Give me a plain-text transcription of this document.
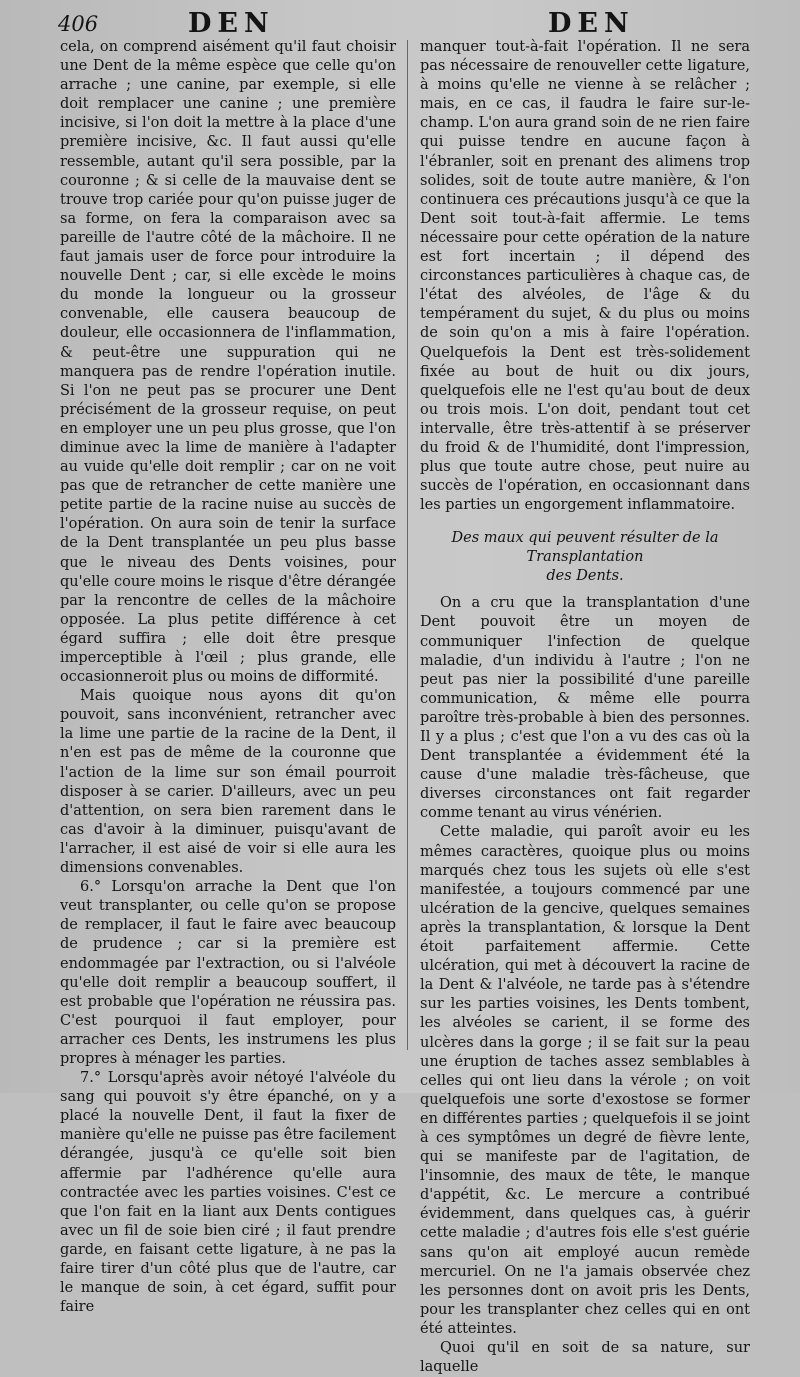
406	DEN	DEN

cela, on comprend aisément qu'il faut choisir une Dent de la même espèce que celle qu'on arrache ; une canine, par exemple, si elle doit remplacer une canine ; une première incisive, si l'on doit la mettre à la place d'une première incisive, &c. Il faut aussi qu'elle ressemble, autant qu'il sera possible, par la couronne ; & si celle de la mauvaise dent se trouve trop cariée pour qu'on puisse juger de sa forme, on fera la comparaison avec sa pareille de l'autre côté de la mâchoire. Il ne faut jamais user de force pour introduire la nouvelle Dent ; car, si elle excède le moins du monde la longueur ou la grosseur convenable, elle causera beaucoup de douleur, elle occasionnera de l'inflammation, & peut-être une suppuration qui ne manquera pas de rendre l'opération inutile. Si l'on ne peut pas se procurer une Dent précisément de la grosseur requise, on peut en employer une un peu plus grosse, que l'on diminue avec la lime de manière à l'adapter au vuide qu'elle doit remplir ; car on ne voit pas que de retrancher de cette manière une petite partie de la racine nuise au succès de l'opération. On aura soin de tenir la surface de la Dent transplantée un peu plus basse que le niveau des Dents voisines, pour qu'elle coure moins le risque d'être dérangée par la rencontre de celles de la mâchoire opposée. La plus petite différence à cet égard suffira ; elle doit être presque imperceptible à l'œil ; plus grande, elle occasionneroit plus ou moins de difformité.

Mais quoique nous ayons dit qu'on pouvoit, sans inconvénient, retrancher avec la lime une partie de la racine de la Dent, il n'en est pas de même de la couronne que l'action de la lime sur son émail pourroit disposer à se carier. D'ailleurs, avec un peu d'attention, on sera bien rarement dans le cas d'avoir à la diminuer, puisqu'avant de l'arracher, il est aisé de voir si elle aura les dimensions convenables.

6.° Lorsqu'on arrache la Dent que l'on veut transplanter, ou celle qu'on se propose de remplacer, il faut le faire avec beaucoup de prudence ; car si la première est endommagée par l'extraction, ou si l'alvéole qu'elle doit remplir a beaucoup souffert, il est probable que l'opération ne réussira pas. C'est pourquoi il faut employer, pour arracher ces Dents, les instrumens les plus propres à ménager les parties.

7.° Lorsqu'après avoir nétoyé l'alvéole du sang qui pouvoit s'y être épanché, on y a placé la nouvelle Dent, il faut la fixer de manière qu'elle ne puisse pas être facilement dérangée, jusqu'à ce qu'elle soit bien affermie par l'adhérence qu'elle aura contractée avec les parties voisines. C'est ce que l'on fait en la liant aux Dents contigues avec un fil de soie bien ciré ; il faut prendre garde, en faisant cette ligature, à ne pas la faire tirer d'un côté plus que de l'autre, car le manque de soin, à cet égard, suffit pour faire

manquer tout-à-fait l'opération. Il ne sera pas nécessaire de renouveller cette ligature, à moins qu'elle ne vienne à se relâcher ; mais, en ce cas, il faudra le faire sur-le-champ. L'on aura grand soin de ne rien faire qui puisse tendre en aucune façon à l'ébranler, soit en prenant des alimens trop solides, soit de toute autre manière, & l'on continuera ces précautions jusqu'à ce que la Dent soit tout-à-fait affermie. Le tems nécessaire pour cette opération de la nature est fort incertain ; il dépend des circonstances particulières à chaque cas, de l'état des alvéoles, de l'âge & du tempérament du sujet, & du plus ou moins de soin qu'on a mis à faire l'opération. Quelquefois la Dent est très-solidement fixée au bout de huit ou dix jours, quelquefois elle ne l'est qu'au bout de deux ou trois mois. L'on doit, pendant tout cet intervalle, être très-attentif à se préserver du froid & de l'humidité, dont l'impression, plus que toute autre chose, peut nuire au succès de l'opération, en occasionnant dans les parties un engorgement inflammatoire.

Des maux qui peuvent résulter de la Transplantation
des Dents.

On a cru que la transplantation d'une Dent pouvoit être un moyen de communiquer l'infection de quelque maladie, d'un individu à l'autre ; l'on ne peut pas nier la possibilité d'une pareille communication, & même elle pourra paroître très-probable à bien des personnes. Il y a plus ; c'est que l'on a vu des cas où la Dent transplantée a évidemment été la cause d'une maladie très-fâcheuse, que diverses circonstances ont fait regarder comme tenant au virus vénérien.

Cette maladie, qui paroît avoir eu les mêmes caractères, quoique plus ou moins marqués chez tous les sujets où elle s'est manifestée, a toujours commencé par une ulcération de la gencive, quelques semaines après la transplantation, & lorsque la Dent étoit parfaitement affermie. Cette ulcération, qui met à découvert la racine de la Dent & l'alvéole, ne tarde pas à s'étendre sur les parties voisines, les Dents tombent, les alvéoles se carient, il se forme des ulcères dans la gorge ; il se fait sur la peau une éruption de taches assez semblables à celles qui ont lieu dans la vérole ; on voit quelquefois une sorte d'exostose se former en différentes parties ; quelquefois il se joint à ces symptômes un degré de fièvre lente, qui se manifeste par de l'agitation, de l'insomnie, des maux de tête, le manque d'appétit, &c. Le mercure a contribué évidemment, dans quelques cas, à guérir cette maladie ; d'autres fois elle s'est guérie sans qu'on ait employé aucun remède mercuriel. On ne l'a jamais observée chez les personnes dont on avoit pris les Dents, pour les transplanter chez celles qui en ont été atteintes.

Quoi qu'il en soit de sa nature, sur laquelle
